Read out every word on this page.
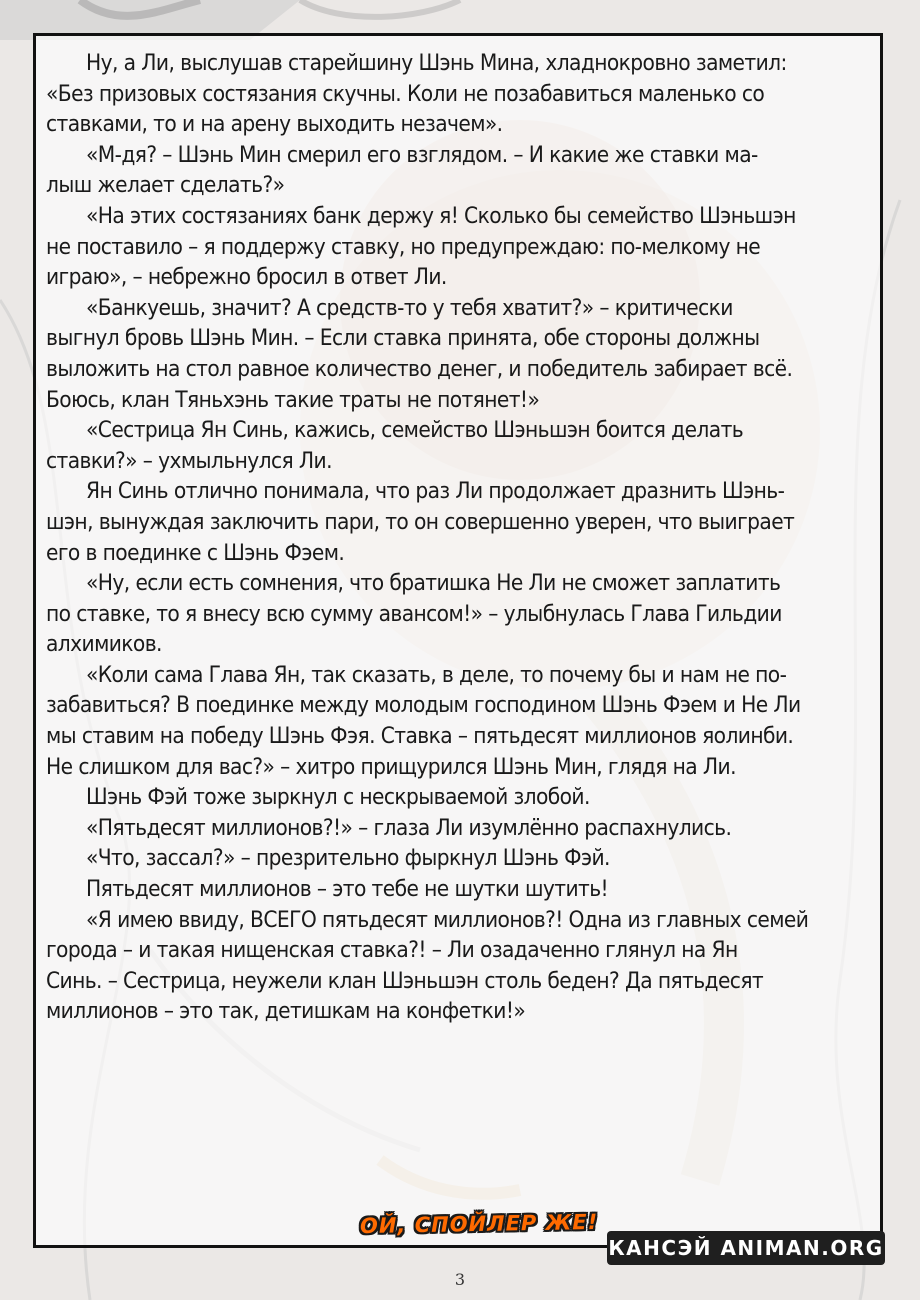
Ну, а Ли, выслушав старейшину Шэнь Мина, хладнокровно заметил:
«Без призовых состязания скучны. Коли не позабавиться маленько со
ставками, то и на арену выходить незачем».
«М-дя? – Шэнь Мин смерил его взглядом. – И какие же ставки ма-
лыш желает сделать?»
«На этих состязаниях банк держу я! Сколько бы семейство Шэньшэн
не поставило – я поддержу ставку, но предупреждаю: по-мелкому не
играю», – небрежно бросил в ответ Ли.
«Банкуешь, значит? А средств-то у тебя хватит?» – критически
выгнул бровь Шэнь Мин. – Если ставка принята, обе стороны должны
выложить на стол равное количество денег, и победитель забирает всё.
Боюсь, клан Тяньхэнь такие траты не потянет!»
«Сестрица Ян Синь, кажись, семейство Шэньшэн боится делать
ставки?» – ухмыльнулся Ли.
Ян Синь отлично понимала, что раз Ли продолжает дразнить Шэнь-
шэн, вынуждая заключить пари, то он совершенно уверен, что выиграет
его в поединке с Шэнь Фэем.
«Ну, если есть сомнения, что братишка Не Ли не сможет заплатить
по ставке, то я внесу всю сумму авансом!» – улыбнулась Глава Гильдии
алхимиков.
«Коли сама Глава Ян, так сказать, в деле, то почему бы и нам не по-
забавиться? В поединке между молодым господином Шэнь Фэем и Не Ли
мы ставим на победу Шэнь Фэя. Ставка – пятьдесят миллионов яолинби.
Не слишком для вас?» – хитро прищурился Шэнь Мин, глядя на Ли.
Шэнь Фэй тоже зыркнул с нескрываемой злобой.
«Пятьдесят миллионов?!» – глаза Ли изумлённо распахнулись.
«Что, зассал?» – презрительно фыркнул Шэнь Фэй.
Пятьдесят миллионов – это тебе не шутки шутить!
«Я имею ввиду, ВСЕГО пятьдесят миллионов?! Одна из главных семей
города – и такая нищенская ставка?! – Ли озадаченно глянул на Ян
Синь. – Сестрица, неужели клан Шэньшэн столь беден? Да пятьдесят
миллионов – это так, детишкам на конфетки!»
ОЙ, СПОЙЛЕР ЖЕ!
КАНСЭЙ ANIMAN.ORG
3
